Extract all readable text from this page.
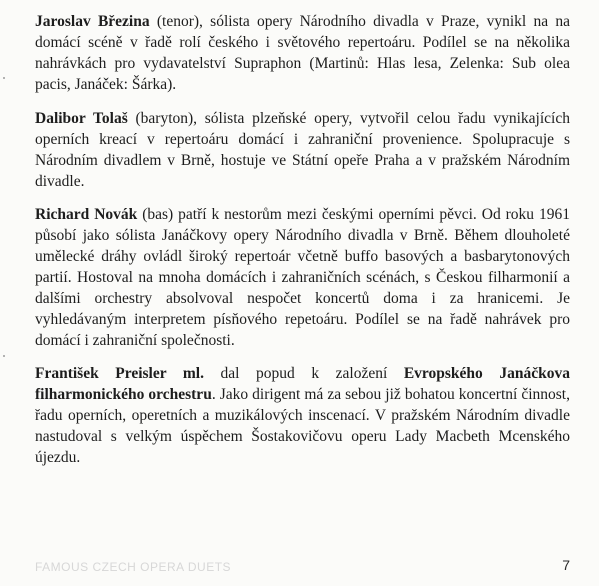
Jaroslav Březina (tenor), sólista opery Národního divadla v Praze, vynikl na na domácí scéně v řadě rolí českého i světového repertoáru. Podílel se na několika nahrávkách pro vydavatelství Supraphon (Martinů: Hlas lesa, Zelenka: Sub olea pacis, Janáček: Šárka).

Dalibor Tolaš (baryton), sólista plzeňské opery, vytvořil celou řadu vynikajících operních kreací v repertoáru domácí i zahraniční provenience. Spolupracuje s Národním divadlem v Brně, hostuje ve Státní opeře Praha a v pražském Národním divadle.

Richard Novák (bas) patří k nestorům mezi českými operními pěvci. Od roku 1961 působí jako sólista Janáčkovy opery Národního divadla v Brně. Během dlouholeté umělecké dráhy ovládl široký repertoár včetně buffo basových a basbarytonových partií. Hostoval na mnoha domácích i zahraničních scénách, s Českou filharmonií a dalšími orchestry absolvoval nespočet koncertů doma i za hranicemi. Je vyhledávaným interpretem písňového repetoáru. Podílel se na řadě nahrávek pro domácí i zahraniční společnosti.

František Preisler ml. dal popud k založení Evropského Janáčkova filharmonického orchestru. Jako dirigent má za sebou již bohatou koncertní činnost, řadu operních, operetních a muzikálových inscenací. V pražském Národním divadle nastudoval s velkým úspěchem Šostakovičovu operu Lady Macbeth Mcenského újezdu.

FAMOUS CZECH OPERA DUETS	7
